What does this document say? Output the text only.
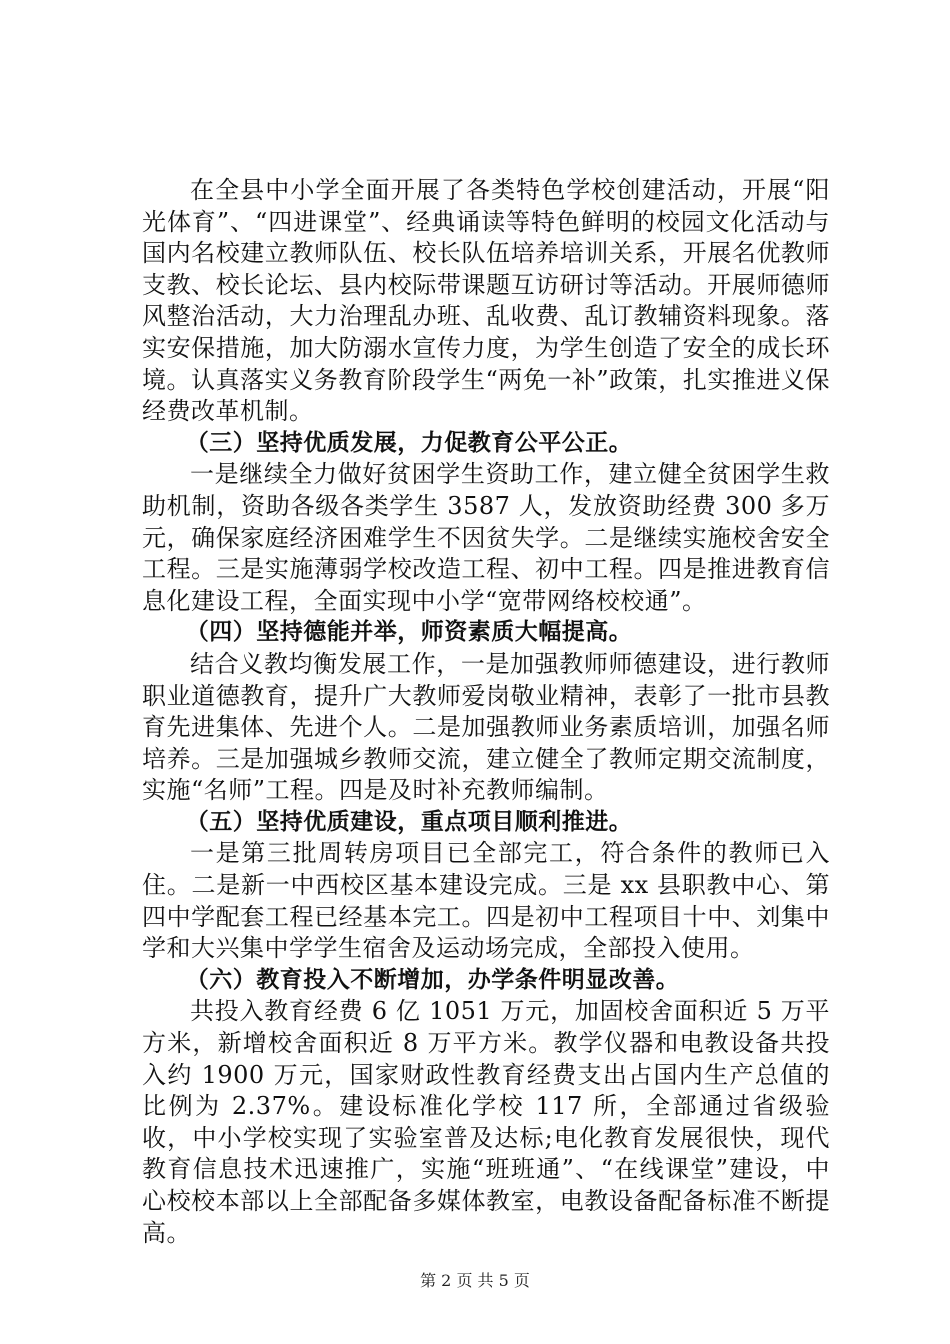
在全县中小学全面开展了各类特色学校创建活动，开展“阳光体育”、“四进课堂”、经典诵读等特色鲜明的校园文化活动与国内名校建立教师队伍、校长队伍培养培训关系，开展名优教师支教、校长论坛、县内校际带课题互访研讨等活动。开展师德师风整治活动，大力治理乱办班、乱收费、乱订教辅资料现象。落实安保措施，加大防溺水宣传力度，为学生创造了安全的成长环境。认真落实义务教育阶段学生“两免一补”政策，扎实推进义保经费改革机制。

（三）坚持优质发展，力促教育公平公正。

一是继续全力做好贫困学生资助工作，建立健全贫困学生救助机制，资助各级各类学生 3587 人，发放资助经费 300 多万元，确保家庭经济困难学生不因贫失学。二是继续实施校舍安全工程。三是实施薄弱学校改造工程、初中工程。四是推进教育信息化建设工程，全面实现中小学“宽带网络校校通”。

（四）坚持德能并举，师资素质大幅提高。

结合义教均衡发展工作，一是加强教师师德建设，进行教师职业道德教育，提升广大教师爱岗敬业精神，表彰了一批市县教育先进集体、先进个人。二是加强教师业务素质培训，加强名师培养。三是加强城乡教师交流，建立健全了教师定期交流制度，实施“名师”工程。四是及时补充教师编制。

（五）坚持优质建设，重点项目顺利推进。

一是第三批周转房项目已全部完工，符合条件的教师已入住。二是新一中西校区基本建设完成。三是 xx 县职教中心、第四中学配套工程已经基本完工。四是初中工程项目十中、刘集中学和大兴集中学学生宿舍及运动场完成，全部投入使用。

（六）教育投入不断增加，办学条件明显改善。

共投入教育经费 6 亿 1051 万元，加固校舍面积近 5 万平方米，新增校舍面积近 8 万平方米。教学仪器和电教设备共投入约 1900 万元，国家财政性教育经费支出占国内生产总值的比例为 2.37%。建设标准化学校 117 所，全部通过省级验收，中小学校实现了实验室普及达标;电化教育发展很快，现代教育信息技术迅速推广，实施“班班通”、“在线课堂”建设，中心校校本部以上全部配备多媒体教室，电教设备配备标准不断提高。

第 2 页 共 5 页
